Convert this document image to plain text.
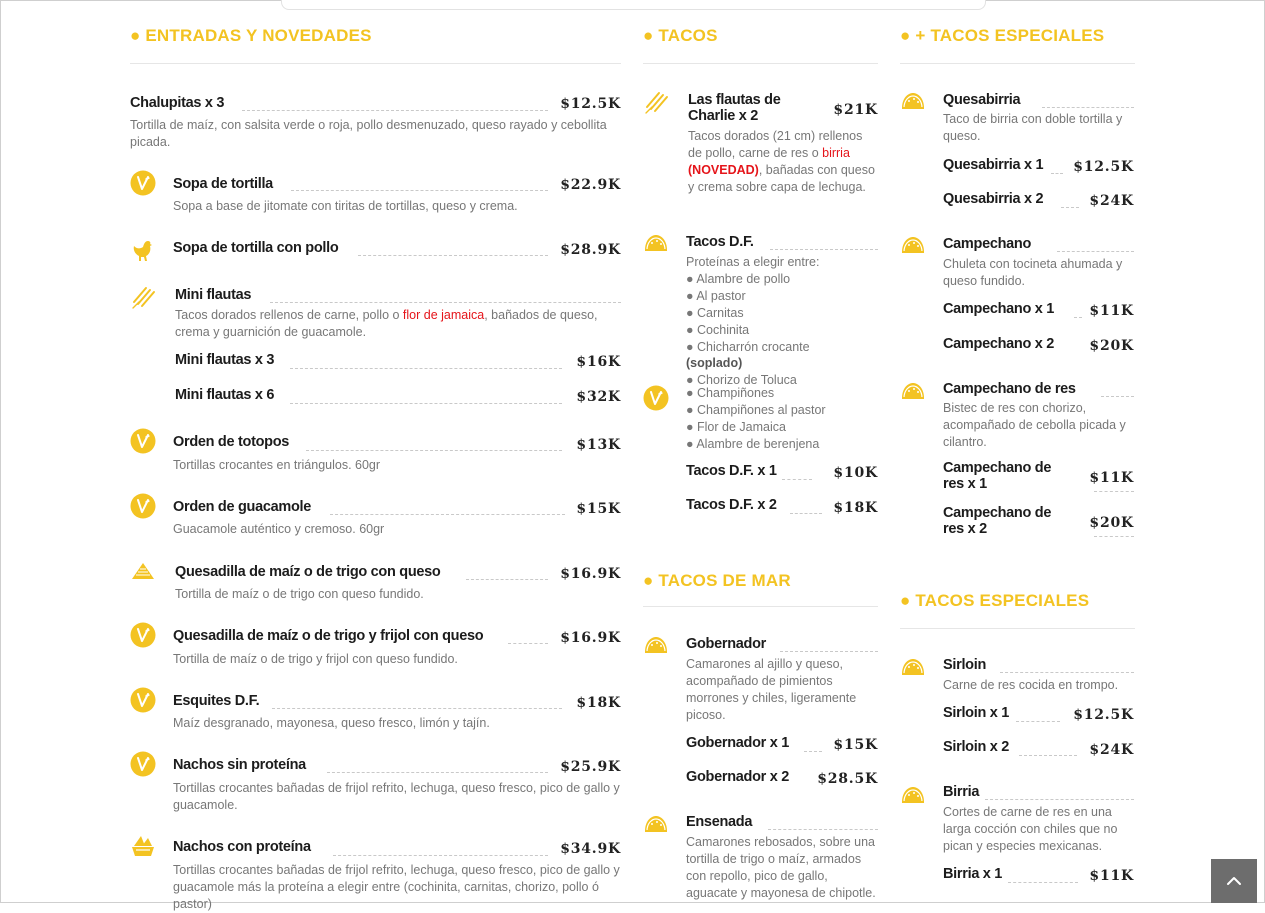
● ENTRADAS Y NOVEDADES
Chalupitas x 3	$12.5K
Tortilla de maíz, con salsita verde o roja, pollo desmenuzado, queso rayado y cebollita picada.
Sopa de tortilla	$22.9K
Sopa a base de jitomate con tiritas de tortillas, queso y crema.
Sopa de tortilla con pollo	$28.9K
Mini flautas
Tacos dorados rellenos de carne, pollo o flor de jamaica, bañados de queso, crema y guarnición de guacamole.
Mini flautas x 3	$16K
Mini flautas x 6	$32K
Orden de totopos	$13K
Tortillas crocantes en triángulos. 60gr
Orden de guacamole	$15K
Guacamole auténtico y cremoso. 60gr
Quesadilla de maíz o de trigo con queso	$16.9K
Tortilla de maíz o de trigo con queso fundido.
Quesadilla de maíz o de trigo y frijol con queso	$16.9K
Tortilla de maíz o de trigo y frijol con queso fundido.
Esquites D.F.	$18K
Maíz desgranado, mayonesa, queso fresco, limón y tajín.
Nachos sin proteína	$25.9K
Tortillas crocantes bañadas de frijol refrito, lechuga, queso fresco, pico de gallo y guacamole.
Nachos con proteína	$34.9K
Tortillas crocantes bañadas de frijol refrito, lechuga, queso fresco, pico de gallo y guacamole más la proteína a elegir entre (cochinita, carnitas, chorizo, pollo ó pastor)
● TACOS
Las flautas de Charlie x 2	$21K
Tacos dorados (21 cm) rellenos de pollo, carne de res o birria
(NOVEDAD), bañadas con queso y crema sobre capa de lechuga.
Tacos D.F.
Proteínas a elegir entre:
● Alambre de pollo
● Al pastor
● Carnitas
● Cochinita
● Chicharrón crocante
(soplado)
● Chorizo de Toluca
● Champiñones
● Champiñones al pastor
● Flor de Jamaica
● Alambre de berenjena
Tacos D.F. x 1	$10K
Tacos D.F. x 2	$18K
● TACOS DE MAR
Gobernador
Camarones al ajillo y queso, acompañado de pimientos morrones y chiles, ligeramente picoso.
Gobernador x 1	$15K
Gobernador x 2	$28.5K
Ensenada
Camarones rebosados, sobre una tortilla de trigo o maíz, armados con repollo, pico de gallo, aguacate y mayonesa de chipotle.
● + TACOS ESPECIALES
Quesabirria
Taco de birria con doble tortilla y queso.
Quesabirria x 1	$12.5K
Quesabirria x 2	$24K
Campechano
Chuleta con tocineta ahumada y queso fundido.
Campechano x 1	$11K
Campechano x 2	$20K
Campechano de res
Bistec de res con chorizo, acompañado de cebolla picada y cilantro.
Campechano de res x 1	$11K
Campechano de res x 2	$20K
● TACOS ESPECIALES
Sirloin
Carne de res cocida en trompo.
Sirloin x 1	$12.5K
Sirloin x 2	$24K
Birria
Cortes de carne de res en una larga cocción con chiles que no pican y especies mexicanas.
Birria x 1	$11K
